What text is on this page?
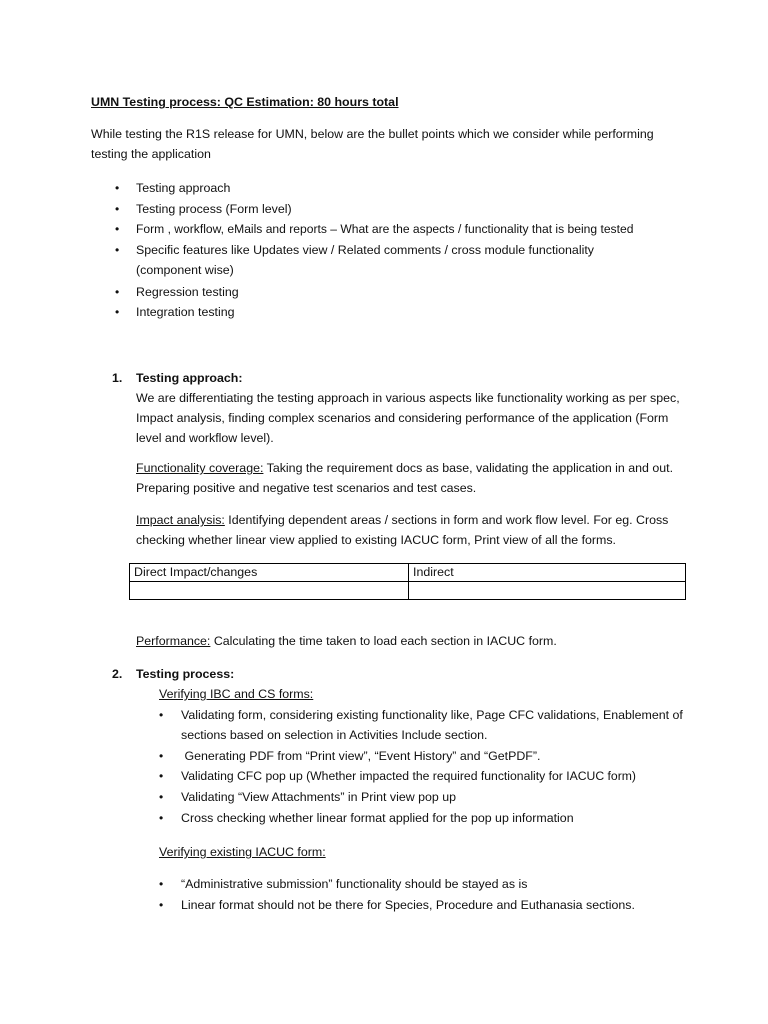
UMN Testing process: QC Estimation: 80 hours total
While testing the R1S release for UMN, below are the bullet points which we consider while performing testing the application
• Testing approach
• Testing process (Form level)
• Form , workflow, eMails and reports – What are the aspects / functionality that is being tested
• Specific features like Updates view / Related comments / cross module functionality (component wise)
• Regression testing
• Integration testing
1. Testing approach:
We are differentiating the testing approach in various aspects like functionality working as per spec, Impact analysis, finding complex scenarios and considering performance of the application (Form level and workflow level).
Functionality coverage: Taking the requirement docs as base, validating the application in and out. Preparing positive and negative test scenarios and test cases.
Impact analysis: Identifying dependent areas / sections in form and work flow level. For eg. Cross checking whether linear view applied to existing IACUC form, Print view of all the forms.
Direct Impact/changes	Indirect

Performance: Calculating the time taken to load each section in IACUC form.
2. Testing process:
Verifying IBC and CS forms:
• Validating form, considering existing functionality like, Page CFC validations, Enablement of sections based on selection in Activities Include section.
• Generating PDF from “Print view”, “Event History” and “GetPDF”.
• Validating CFC pop up (Whether impacted the required functionality for IACUC form)
• Validating “View Attachments” in Print view pop up
• Cross checking whether linear format applied for the pop up information
Verifying existing IACUC form:
• “Administrative submission” functionality should be stayed as is
• Linear format should not be there for Species, Procedure and Euthanasia sections.
